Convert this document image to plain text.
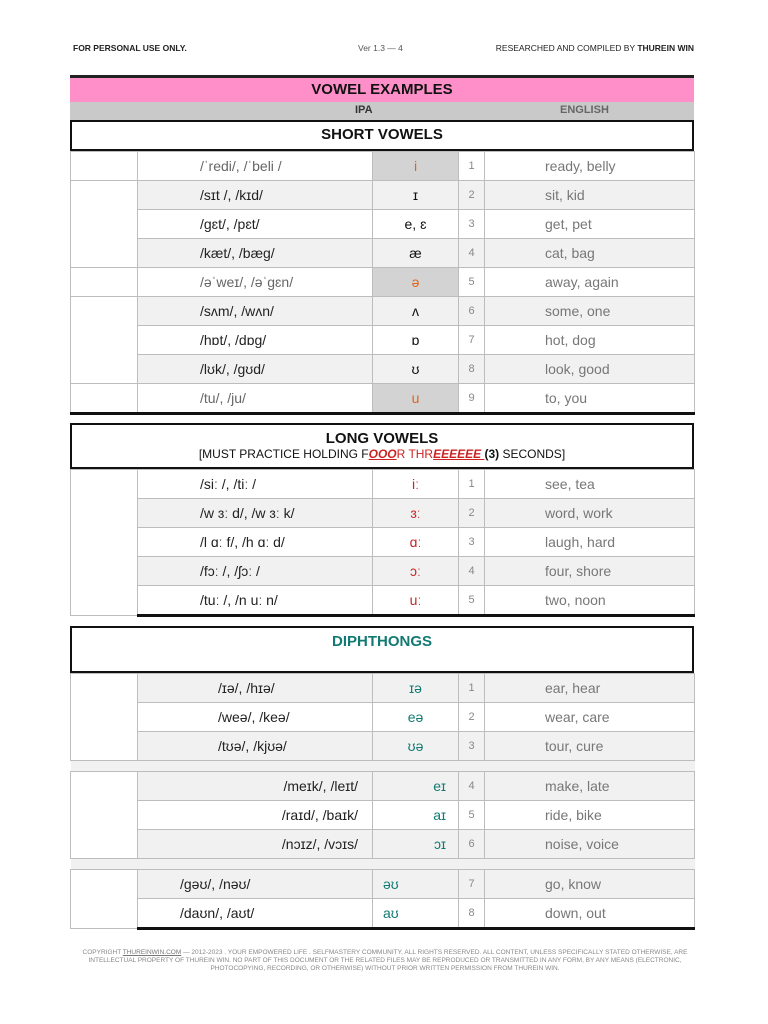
FOR PERSONAL USE ONLY.	Ver 1.3 — 4	RESEARCHED AND COMPILED BY THUREIN WIN
VOWEL EXAMPLES
IPA	ENGLISH
SHORT VOWELS
	/ˈredi/, /ˈbeli /	i	1	ready, belly
	/sɪt /, /kɪd/	ɪ	2	sit, kid
	/gɛt/, /pɛt/	e, ɛ	3	get, pet
	/kæt/, /bæg/	æ	4	cat, bag
	/əˈweɪ/, /əˈgɛn/	ə	5	away, again
	/sʌm/, /wʌn/	ʌ	6	some, one
	/hɒt/, /dɒg/	ɒ	7	hot, dog
	/lʊk/, /gʊd/	ʊ	8	look, good
	/tu/, /ju/	u	9	to, you
LONG VOWELS
[MUST PRACTICE HOLDING FOOOR THREEEEEE (3) SECONDS]
	/siː /, /tiː /	iː	1	see, tea
	/w ɜː d/, /w ɜː k/	ɜː	2	word, work
	/l ɑː f/, /h ɑː d/	ɑː	3	laugh, hard
	/fɔː /, /ʃɔː /	ɔː	4	four, shore
	/tuː /, /n uː n/	uː	5	two, noon
DIPHTHONGS
	/ɪə/, /hɪə/	ɪə	1	ear, hear
	/weə/, /keə/	eə	2	wear, care
	/tʊə/, /kjʊə/	ʊə	3	tour, cure

	/meɪk/, /leɪt/	eɪ	4	make, late
	/raɪd/, /baɪk/	aɪ	5	ride, bike
	/nɔɪz/, /vɔɪs/	ɔɪ	6	noise, voice

	/gəʊ/, /nəʊ/	əʊ	7	go, know
	/daʊn/, /aʊt/	aʊ	8	down, out
COPYRIGHT THUREINWIN.COM — 2012-2023 . YOUR EMPOWERED LIFE . SELFMASTERY COMMUNITY. ALL RIGHTS RESERVED. ALL CONTENT, UNLESS SPECIFICALLY STATED OTHERWISE, ARE INTELLECTUAL PROPERTY OF THUREIN WIN. NO PART OF THIS DOCUMENT OR THE RELATED FILES MAY BE REPRODUCED OR TRANSMITTED IN ANY FORM, BY ANY MEANS (ELECTRONIC, PHOTOCOPYING, RECORDING, OR OTHERWISE) WITHOUT PRIOR WRITTEN PERMISSION FROM THUREIN WIN.
